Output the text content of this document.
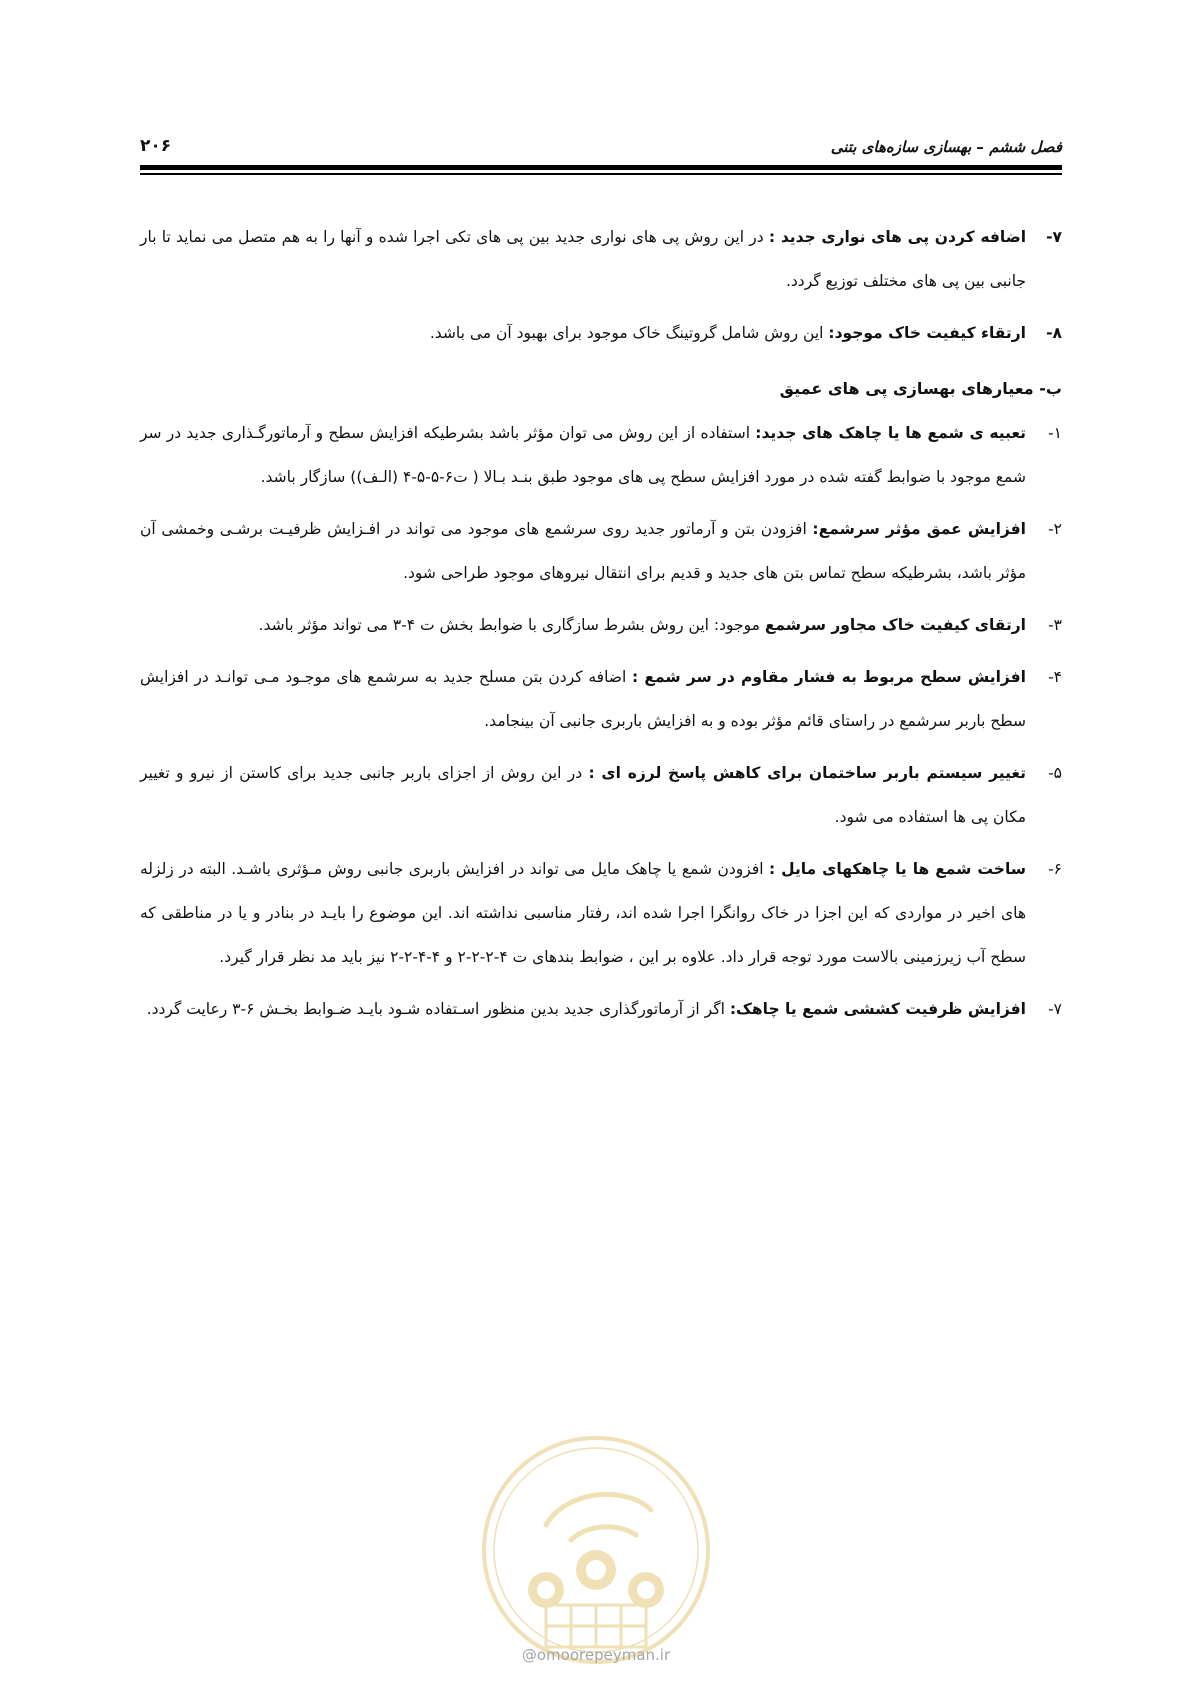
فصل ششم – بهسازی سازه‌های بتنی
۲۰۶
۷-
اضافه کردن پی های نواری جدید : در این روش پی های نواری جدید بین پی های تکی اجرا شده و آنها را به هم متصل می نماید تا بار جانبی بین پی های مختلف توزیع گردد.
۸-
ارتقاء کیفیت خاک موجود: این روش شامل گروتینگ خاک موجود برای بهبود آن می باشد.
ب- معیارهای بهسازی پی های عمیق
۱-
تعبیه ی شمع ها یا چاهک های جدید: استفاده از این روش می توان مؤثر باشد بشرطیکه افزایش سطح و آرماتورگـذاری جدید در سر شمع موجود با ضوابط گفته شده در مورد افزایش سطح پی های موجود طبق بنـد بـالا ( ت۶-۵-۵-۴ (الـف)) سازگار باشد.
۲-
افزایش عمق مؤثر سرشمع: افزودن بتن و آرماتور جدید روی سرشمع های موجود می تواند در افـزایش ظرفیـت برشـی وخمشی آن مؤثر باشد، بشرطیکه سطح تماس بتن های جدید و قدیم برای انتقال نیروهای موجود طراحی شود.
۳-
ارتقای کیفیت خاک مجاور سرشمع موجود: این روش بشرط سازگاری با ضوابط بخش ت ۴-۳ می تواند مؤثر باشد.
۴-
افزایش سطح مربوط به فشار مقاوم در سر شمع : اضافه کردن بتن مسلح جدید به سرشمع های موجـود مـی توانـد در افزایش سطح باربر سرشمع در راستای قائم مؤثر بوده و به افزایش باربری جانبی آن بینجامد.
۵-
تغییر سیستم باربر ساختمان برای کاهش پاسخ لرزه ای : در این روش از اجزای باربر جانبی جدید برای کاستن از نیرو و تغییر مکان پی ها استفاده می شود.
۶-
ساخت شمع ها یا چاهکهای مایل : افزودن شمع یا چاهک مایل می تواند در افزایش باربری جانبی روش مـؤثری باشـد. البته در زلزله های اخیر در مواردی که این اجزا در خاک روانگرا اجرا شده اند، رفتار مناسبی نداشته اند. این موضوع را بایـد در بنادر و یا در مناطقی که سطح آب زیرزمینی بالاست مورد توجه قرار داد. علاوه بر این ، ضوابط بندهای ت ۴-۲-۲-۲ و ۴-۴-۲-۲ نیز باید مد نظر قرار گیرد.
۷-
افزایش ظرفیت کششی شمع یا چاهک: اگر از آرماتورگذاری جدید بدین منظور اسـتفاده شـود بایـد ضـوابط بخـش ۶-۳ رعایت گردد.
@omoorepeyman.ir
